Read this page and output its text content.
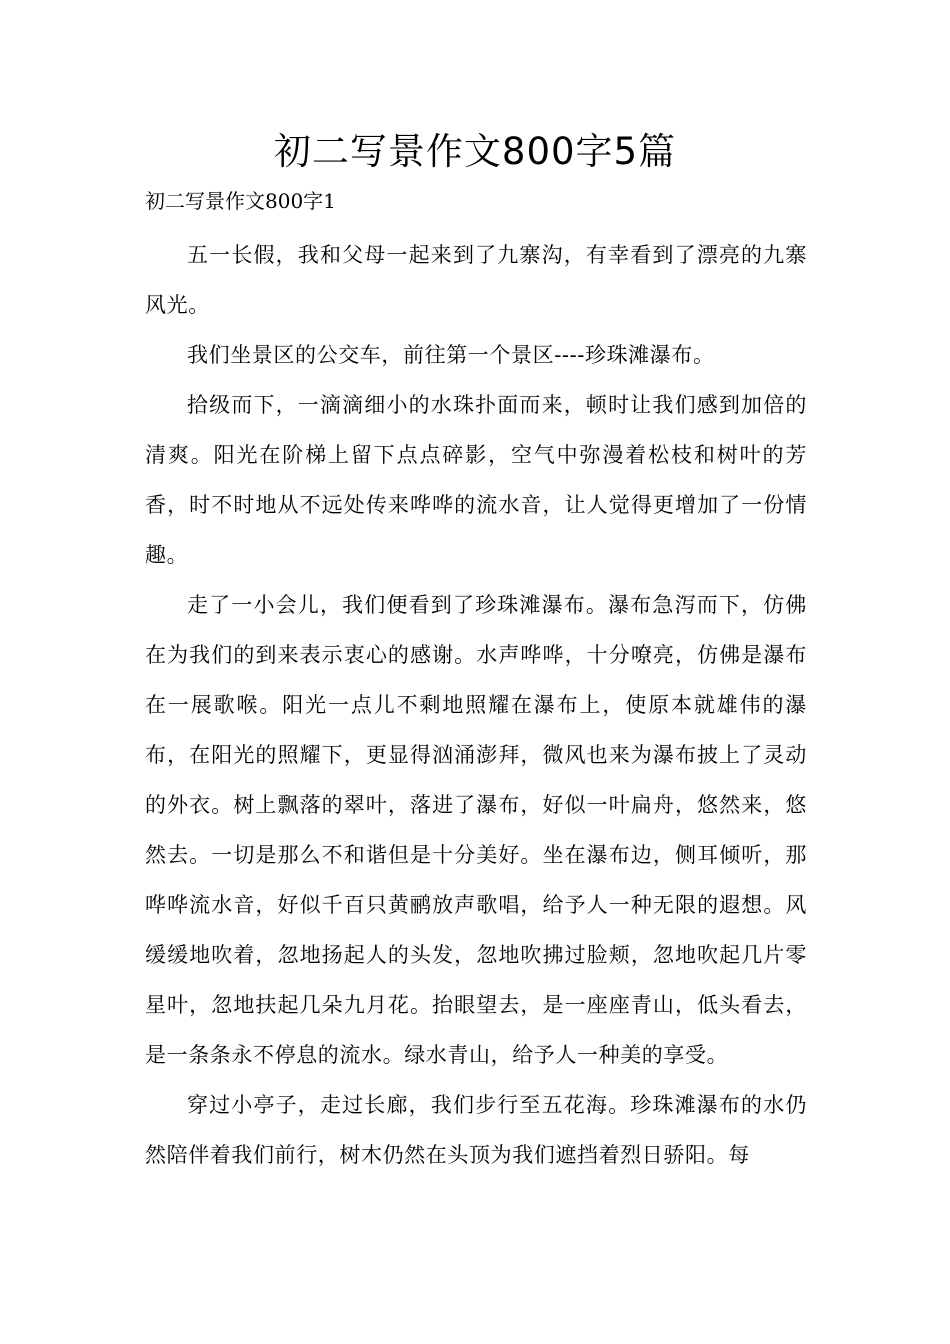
初二写景作文800字5篇

初二写景作文800字1

五一长假，我和父母一起来到了九寨沟，有幸看到了漂亮的九寨风光。

我们坐景区的公交车，前往第一个景区----珍珠滩瀑布。

拾级而下，一滴滴细小的水珠扑面而来，顿时让我们感到加倍的清爽。阳光在阶梯上留下点点碎影，空气中弥漫着松枝和树叶的芳香，时不时地从不远处传来哗哗的流水音，让人觉得更增加了一份情趣。

走了一小会儿，我们便看到了珍珠滩瀑布。瀑布急泻而下，仿佛在为我们的到来表示衷心的感谢。水声哗哗，十分嘹亮，仿佛是瀑布在一展歌喉。阳光一点儿不剩地照耀在瀑布上，使原本就雄伟的瀑布，在阳光的照耀下，更显得汹涌澎拜，微风也来为瀑布披上了灵动的外衣。树上飘落的翠叶，落进了瀑布，好似一叶扁舟，悠然来，悠然去。一切是那么不和谐但是十分美好。坐在瀑布边，侧耳倾听，那哗哗流水音，好似千百只黄鹂放声歌唱，给予人一种无限的遐想。风缓缓地吹着，忽地扬起人的头发，忽地吹拂过脸颊，忽地吹起几片零星叶，忽地扶起几朵九月花。抬眼望去，是一座座青山，低头看去，是一条条永不停息的流水。绿水青山，给予人一种美的享受。

穿过小亭子，走过长廊，我们步行至五花海。珍珠滩瀑布的水仍然陪伴着我们前行，树木仍然在头顶为我们遮挡着烈日骄阳。每
